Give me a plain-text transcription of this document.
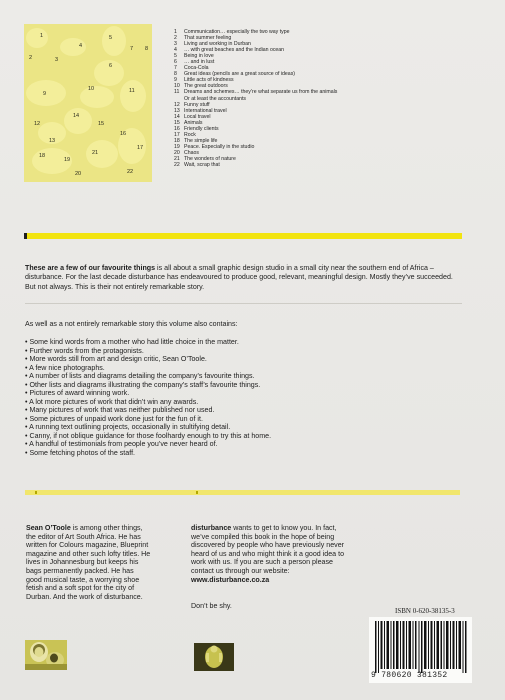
1
2	3
4
5
6
7 8
9
10	11
12
13
14
15
16
17
18
19
20
21
22
1	Communication… especially the two way type
2	That summer feeling
3	Living and working in Durban
4	… with great beaches and the Indian ocean
5	Being in love
6	… and in lust
7	Coca-Cola
8	Great ideas (pencils are a great source of ideas)
9	Little acts of kindness
10 The great outdoors
11 Dreams and schemes… they’re what separate us from the animals
Or at least the accountants
12 Funny stuff
13 International travel
14 Local travel
15 Animals
16 Friendly clients
17 Rock
18 The simple life
19 Peace. Especially in the studio
20 Chaos
21 The wonders of nature
22 Wait, scrap that
These are a few of our favourite things is all about a small graphic design studio in a small city near the southern end of Africa – disturbance. For the last decade disturbance has endeavoured to produce good, relevant, meaningful design. Mostly they’ve succeeded. But not always. This is their not entirely remarkable story.
As well as a not entirely remarkable story this volume also contains:
• Some kind words from a mother who had little choice in the matter.
• Further words from the protagonists.
• More words still from art and design critic, Sean O’Toole.
• A few nice photographs.
• A number of lists and diagrams detailing the company’s favourite things.
• Other lists and diagrams illustrating the company’s staff’s favourite things.
• Pictures of award winning work.
• A lot more pictures of work that didn’t win any awards.
• Many pictures of work that was neither published nor used.
• Some pictures of unpaid work done just for the fun of it.
• A running text outlining projects, occasionally in stultifying detail.
• Canny, if not oblique guidance for those foolhardy enough to try this at home.
• A handful of testimonials from people you’ve never heard of.
• Some fetching photos of the staff.
Sean O’Toole is among other things, the editor of Art South Africa. He has written for Colours magazine, Blueprint magazine and other such lofty titles. He lives in Johannesburg but keeps his bags permanently packed. He has good musical taste, a worrying shoe fetish and a soft spot for the city of Durban. And the work of disturbance.
disturbance wants to get to know you. In fact, we’ve compiled this book in the hope of being discovered by people who have previously never heard of us and who might think it a good idea to work with us. If you are such a person please contact us through our website:
www.disturbance.co.za
Don’t be shy.
ISBN 0-620-38135-3
9 780620 381352
